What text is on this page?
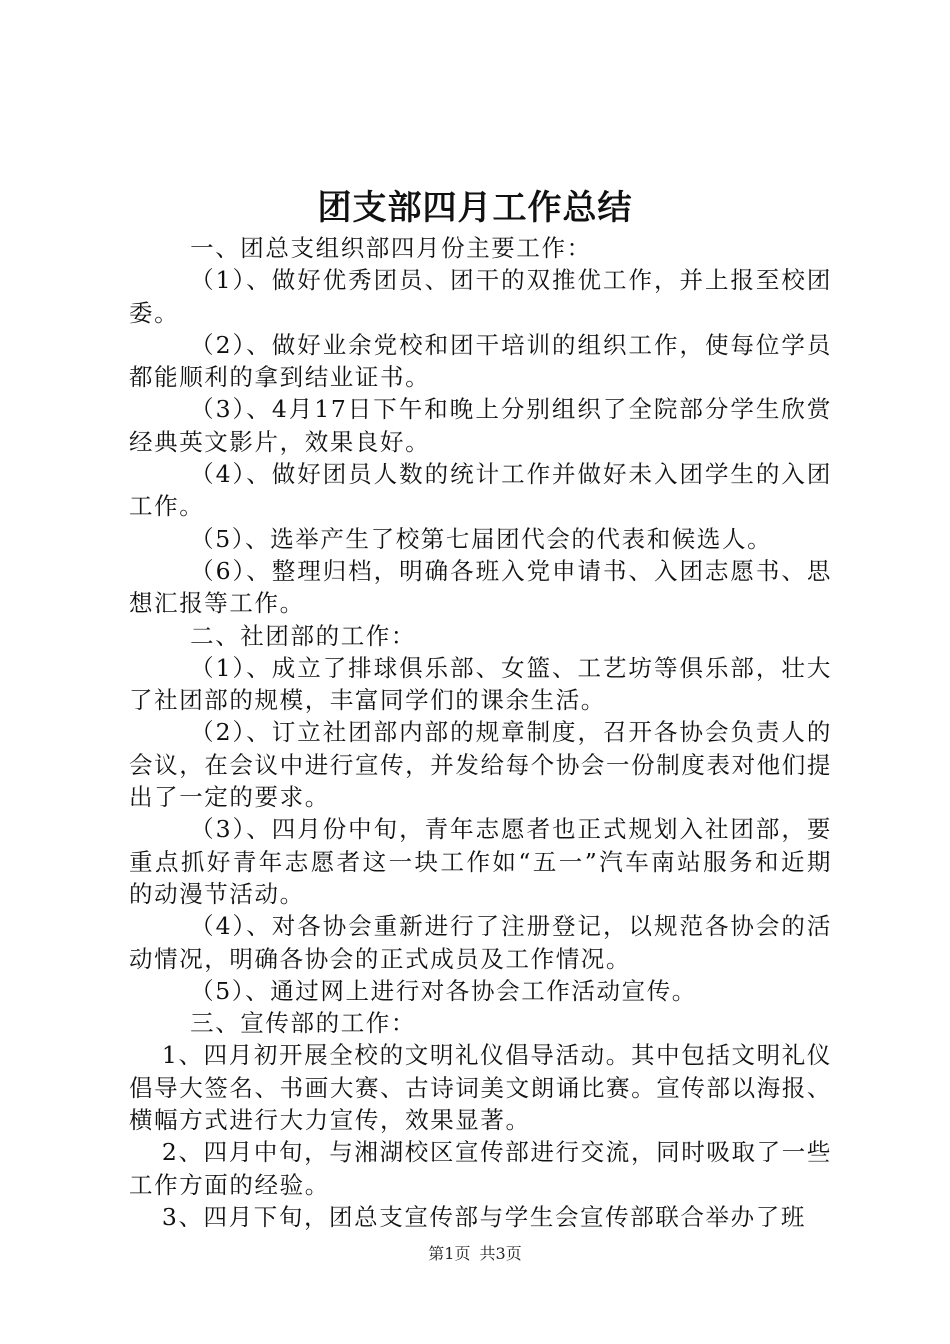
团支部四月工作总结

一、团总支组织部四月份主要工作：

（1）、做好优秀团员、团干的双推优工作，并上报至校团委。

（2）、做好业余党校和团干培训的组织工作，使每位学员都能顺利的拿到结业证书。

（3）、4月17日下午和晚上分别组织了全院部分学生欣赏经典英文影片，效果良好。

（4）、做好团员人数的统计工作并做好未入团学生的入团工作。

（5）、选举产生了校第七届团代会的代表和候选人。

（6）、整理归档，明确各班入党申请书、入团志愿书、思想汇报等工作。

二、社团部的工作：

（1）、成立了排球俱乐部、女篮、工艺坊等俱乐部，壮大了社团部的规模，丰富同学们的课余生活。

（2）、订立社团部内部的规章制度，召开各协会负责人的会议，在会议中进行宣传，并发给每个协会一份制度表对他们提出了一定的要求。

（3）、四月份中旬，青年志愿者也正式规划入社团部，要重点抓好青年志愿者这一块工作如“五一”汽车南站服务和近期的动漫节活动。

（4）、对各协会重新进行了注册登记，以规范各协会的活动情况，明确各协会的正式成员及工作情况。

（5）、通过网上进行对各协会工作活动宣传。

三、宣传部的工作：

1、四月初开展全校的文明礼仪倡导活动。其中包括文明礼仪倡导大签名、书画大赛、古诗词美文朗诵比赛。宣传部以海报、横幅方式进行大力宣传，效果显著。

2、四月中旬，与湘湖校区宣传部进行交流，同时吸取了一些工作方面的经验。

3、四月下旬，团总支宣传部与学生会宣传部联合举办了班

第1页 共3页
